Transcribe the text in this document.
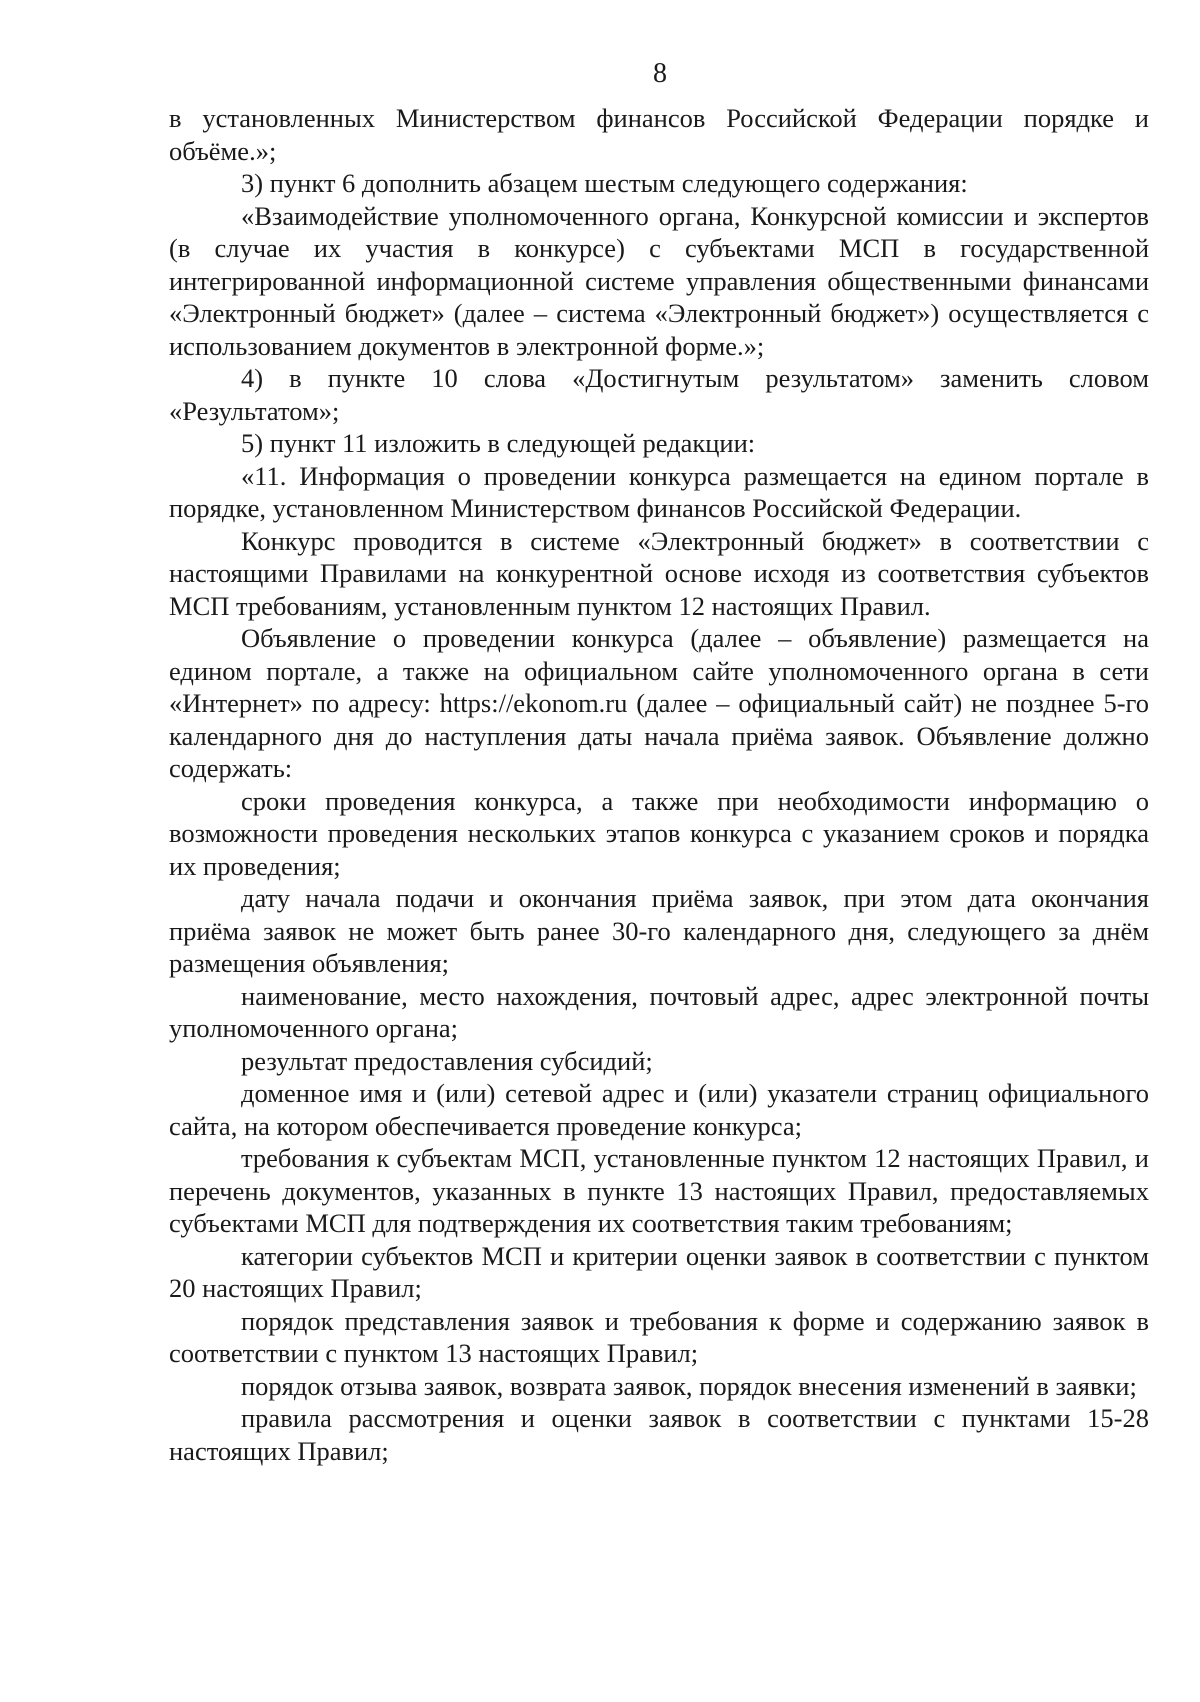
8

в установленных Министерством финансов Российской Федерации порядке и объёме.»;

3) пункт 6 дополнить абзацем шестым следующего содержания:

«Взаимодействие уполномоченного органа, Конкурсной комиссии и экспертов (в случае их участия в конкурсе) с субъектами МСП в государственной интегрированной информационной системе управления общественными финансами «Электронный бюджет» (далее – система «Электронный бюджет») осуществляется с использованием документов в электронной форме.»;

4) в пункте 10 слова «Достигнутым результатом» заменить словом «Результатом»;

5) пункт 11 изложить в следующей редакции:

«11. Информация о проведении конкурса размещается на едином портале в порядке, установленном Министерством финансов Российской Федерации.

Конкурс проводится в системе «Электронный бюджет» в соответствии с настоящими Правилами на конкурентной основе исходя из соответствия субъектов МСП требованиям, установленным пунктом 12 настоящих Правил.

Объявление о проведении конкурса (далее – объявление) размещается на едином портале, а также на официальном сайте уполномоченного органа в сети «Интернет» по адресу: https://ekonom.ru (далее – официальный сайт) не позднее 5-го календарного дня до наступления даты начала приёма заявок. Объявление должно содержать:

сроки проведения конкурса, а также при необходимости информацию о возможности проведения нескольких этапов конкурса с указанием сроков и порядка их проведения;

дату начала подачи и окончания приёма заявок, при этом дата окончания приёма заявок не может быть ранее 30-го календарного дня, следующего за днём размещения объявления;

наименование, место нахождения, почтовый адрес, адрес электронной почты уполномоченного органа;

результат предоставления субсидий;

доменное имя и (или) сетевой адрес и (или) указатели страниц официального сайта, на котором обеспечивается проведение конкурса;

требования к субъектам МСП, установленные пунктом 12 настоящих Правил, и перечень документов, указанных в пункте 13 настоящих Правил, предоставляемых субъектами МСП для подтверждения их соответствия таким требованиям;

категории субъектов МСП и критерии оценки заявок в соответствии с пунктом 20 настоящих Правил;

порядок представления заявок и требования к форме и содержанию заявок в соответствии с пунктом 13 настоящих Правил;

порядок отзыва заявок, возврата заявок, порядок внесения изменений в заявки;

правила рассмотрения и оценки заявок в соответствии с пунктами 15-28 настоящих Правил;
